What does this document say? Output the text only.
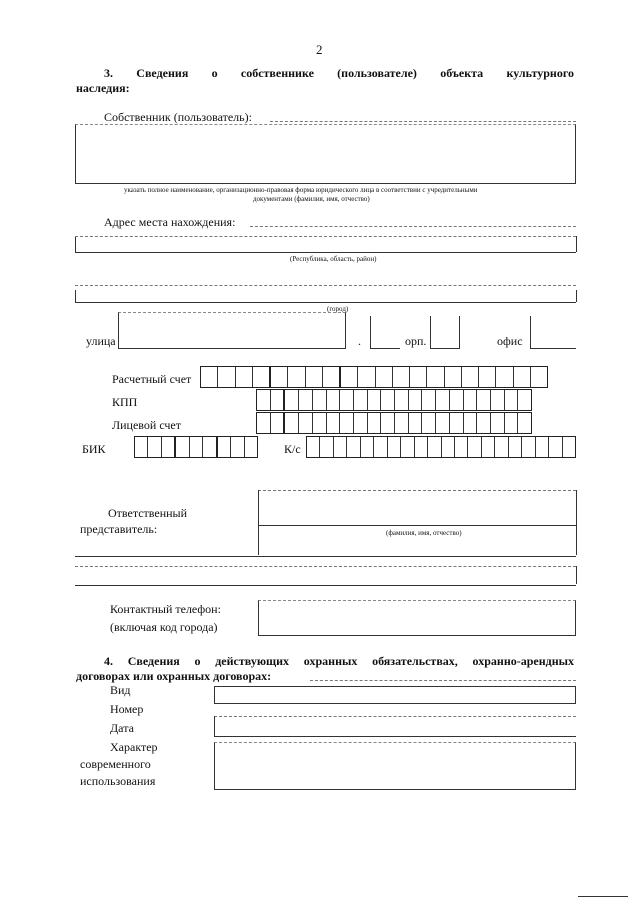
2
3. Сведения о собственнике (пользователе) объекта культурного
наследия:
Собственник (пользователь):
указать полное наименование, организационно-правовая форма юридического лица в соответствии с учредительными
документами (фамилия, имя, отчество)
Адрес места нахождения:
(Республика, область, район)
(город)
улица	.	орп.	офис
Расчетный счет
КПП
Лицевой счет
БИК	К/с
Ответственный
представитель:	(фамилия, имя, отчество)
Контактный телефон:
(включая код города)
4. Сведения о действующих охранных обязательствах, охранно-арендных
договорах или охранных договорах:
Вид
Номер
Дата
Характер
современного
использования
